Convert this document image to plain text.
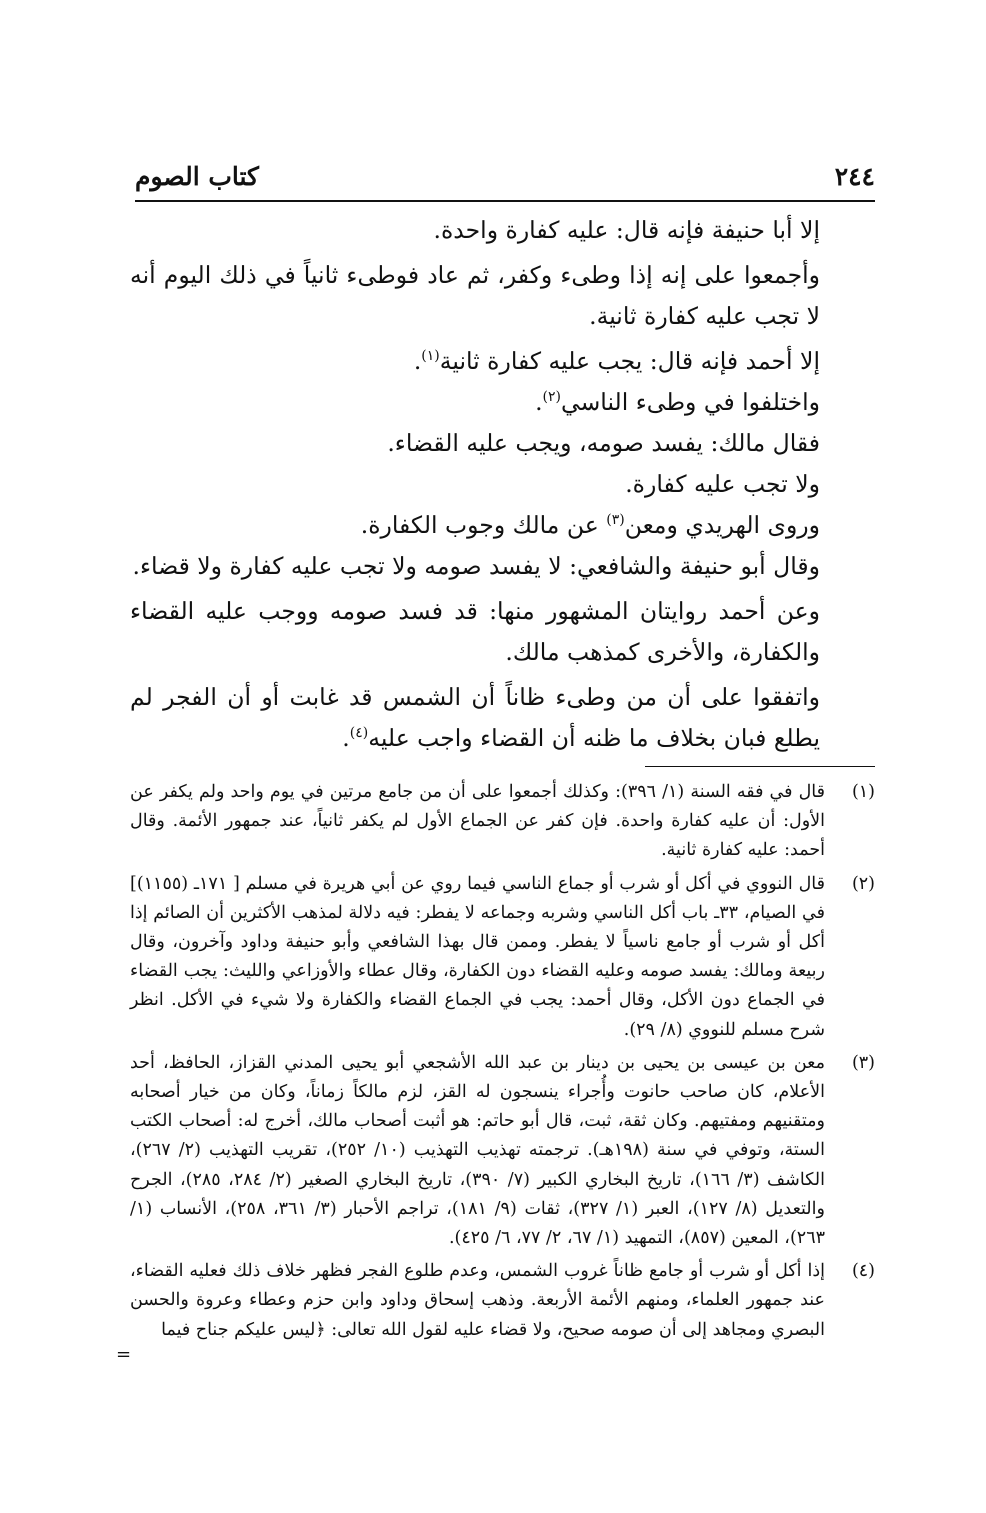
٢٤٤
كتاب الصوم

إلا أبا حنيفة فإنه قال: عليه كفارة واحدة.

وأجمعوا على إنه إذا وطىء وكفر، ثم عاد فوطىء ثانياً في ذلك اليوم أنه لا تجب عليه كفارة ثانية.

إلا أحمد فإنه قال: يجب عليه كفارة ثانية$^{(١)}$.

واختلفوا في وطىء الناسي$^{(٢)}$.

فقال مالك: يفسد صومه، ويجب عليه القضاء.

ولا تجب عليه كفارة.

وروى الهريدي ومعن$^{(٣)}$ عن مالك وجوب الكفارة.

وقال أبو حنيفة والشافعي: لا يفسد صومه ولا تجب عليه كفارة ولا قضاء.

وعن أحمد روايتان المشهور منها: قد فسد صومه ووجب عليه القضاء والكفارة، والأخرى كمذهب مالك.

واتفقوا على أن من وطىء ظاناً أن الشمس قد غابت أو أن الفجر لم يطلع فبان بخلاف ما ظنه أن القضاء واجب عليه$^{(٤)}$.

(١)
قال في فقه السنة (١/ ٣٩٦): وكذلك أجمعوا على أن من جامع مرتين في يوم واحد ولم يكفر عن الأول: أن عليه كفارة واحدة. فإن كفر عن الجماع الأول لم يكفر ثانياً، عند جمهور الأئمة. وقال أحمد: عليه كفارة ثانية.
(٢)
قال النووي في أكل أو شرب أو جماع الناسي فيما روي عن أبي هريرة في مسلم [ ١٧١ـ (١١٥٥)] في الصيام، ٣٣ـ باب أكل الناسي وشربه وجماعه لا يفطر: فيه دلالة لمذهب الأكثرين أن الصائم إذا أكل أو شرب أو جامع ناسياً لا يفطر. وممن قال بهذا الشافعي وأبو حنيفة وداود وآخرون، وقال ربيعة ومالك: يفسد صومه وعليه القضاء دون الكفارة، وقال عطاء والأوزاعي والليث: يجب القضاء في الجماع دون الأكل، وقال أحمد: يجب في الجماع القضاء والكفارة ولا شيء في الأكل. انظر شرح مسلم للنووي (٨/ ٢٩).
(٣)
معن بن عيسى بن يحيى بن دينار بن عبد الله الأشجعي أبو يحيى المدني القزاز، الحافظ، أحد الأعلام، كان صاحب حانوت وأُجراء ينسجون له القز، لزم مالكاً زماناً، وكان من خيار أصحابه ومتقنيهم ومفتيهم. وكان ثقة، ثبت، قال أبو حاتم: هو أثبت أصحاب مالك، أخرج له: أصحاب الكتب الستة، وتوفي في سنة (١٩٨هـ). ترجمته تهذيب التهذيب (١٠/ ٢٥٢)، تقريب التهذيب (٢/ ٢٦٧)، الكاشف (٣/ ١٦٦)، تاريخ البخاري الكبير (٧/ ٣٩٠)، تاريخ البخاري الصغير (٢/ ٢٨٤، ٢٨٥)، الجرح والتعديل (٨/ ١٢٧)، العبر (١/ ٣٢٧)، ثقات (٩/ ١٨١)، تراجم الأحبار (٣/ ٣٦١، ٢٥٨)، الأنساب (١/ ٢٦٣)، المعين (٨٥٧)، التمهيد (١/ ٦٧، ٢/ ٧٧، ٦/ ٤٢٥).
(٤)
إذا أكل أو شرب أو جامع ظاناً غروب الشمس، وعدم طلوع الفجر فظهر خلاف ذلك فعليه القضاء، عند جمهور العلماء، ومنهم الأئمة الأربعة. وذهب إسحاق وداود وابن حزم وعطاء وعروة والحسن البصري ومجاهد إلى أن صومه صحيح، ولا قضاء عليه لقول الله تعالى: ﴿ليس عليكم جناح فيما
=
